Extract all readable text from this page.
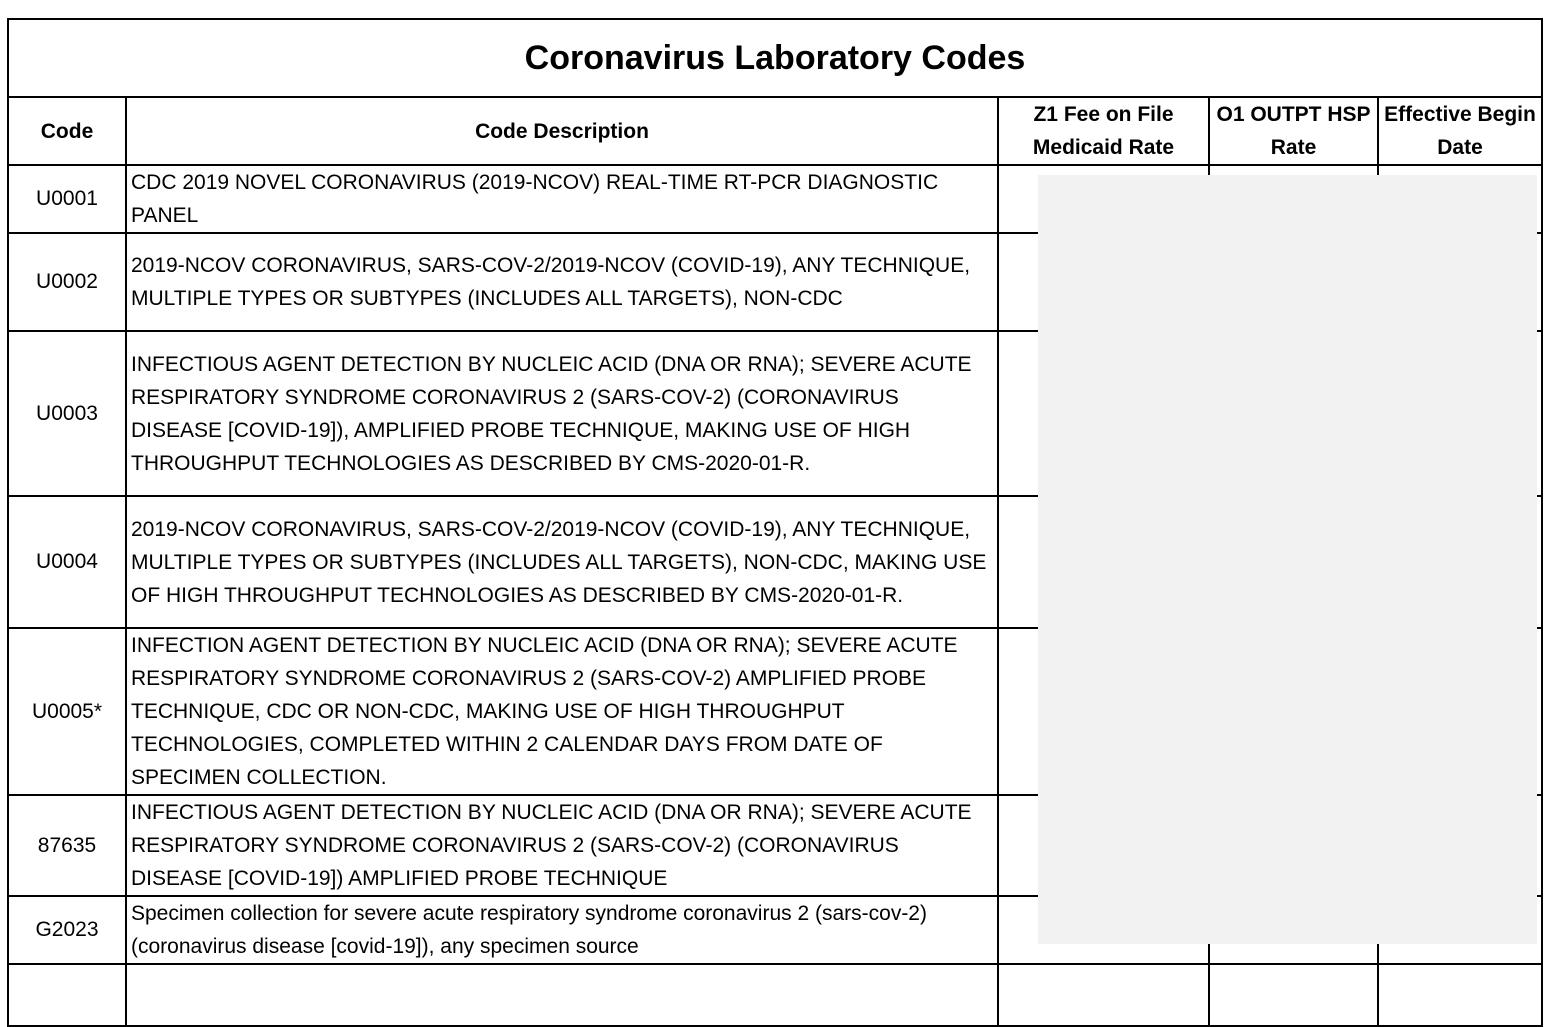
Coronavirus Laboratory Codes				
Code	Code Description	Z1 Fee on File Medicaid Rate	O1 OUTPT HSP Rate	Effective Begin Date
U0001	CDC 2019 NOVEL CORONAVIRUS (2019-NCOV) REAL-TIME RT-PCR DIAGNOSTIC PANEL			
U0002	2019-NCOV CORONAVIRUS, SARS-COV-2/2019-NCOV (COVID-19), ANY TECHNIQUE, MULTIPLE TYPES OR SUBTYPES (INCLUDES ALL TARGETS), NON-CDC			
U0003	INFECTIOUS AGENT DETECTION BY NUCLEIC ACID (DNA OR RNA); SEVERE ACUTE RESPIRATORY SYNDROME CORONAVIRUS 2 (SARS-COV-2) (CORONAVIRUS DISEASE [COVID-19]), AMPLIFIED PROBE TECHNIQUE, MAKING USE OF HIGH THROUGHPUT TECHNOLOGIES AS DESCRIBED BY CMS-2020-01-R.			
U0004	2019-NCOV CORONAVIRUS, SARS-COV-2/2019-NCOV (COVID-19), ANY TECHNIQUE, MULTIPLE TYPES OR SUBTYPES (INCLUDES ALL TARGETS), NON-CDC, MAKING USE OF HIGH THROUGHPUT TECHNOLOGIES AS DESCRIBED BY CMS-2020-01-R.			
U0005*	INFECTION AGENT DETECTION BY NUCLEIC ACID (DNA OR RNA); SEVERE ACUTE RESPIRATORY SYNDROME CORONAVIRUS 2 (SARS-COV-2) AMPLIFIED PROBE TECHNIQUE, CDC OR NON-CDC, MAKING USE OF HIGH THROUGHPUT TECHNOLOGIES, COMPLETED WITHIN 2 CALENDAR DAYS FROM DATE OF SPECIMEN COLLECTION.			
87635	INFECTIOUS AGENT DETECTION BY NUCLEIC ACID (DNA OR RNA); SEVERE ACUTE RESPIRATORY SYNDROME CORONAVIRUS 2 (SARS-COV-2) (CORONAVIRUS DISEASE [COVID-19]) AMPLIFIED PROBE TECHNIQUE			
G2023	Specimen collection for severe acute respiratory syndrome coronavirus 2 (sars-cov-2) (coronavirus disease [covid-19]), any specimen source			
